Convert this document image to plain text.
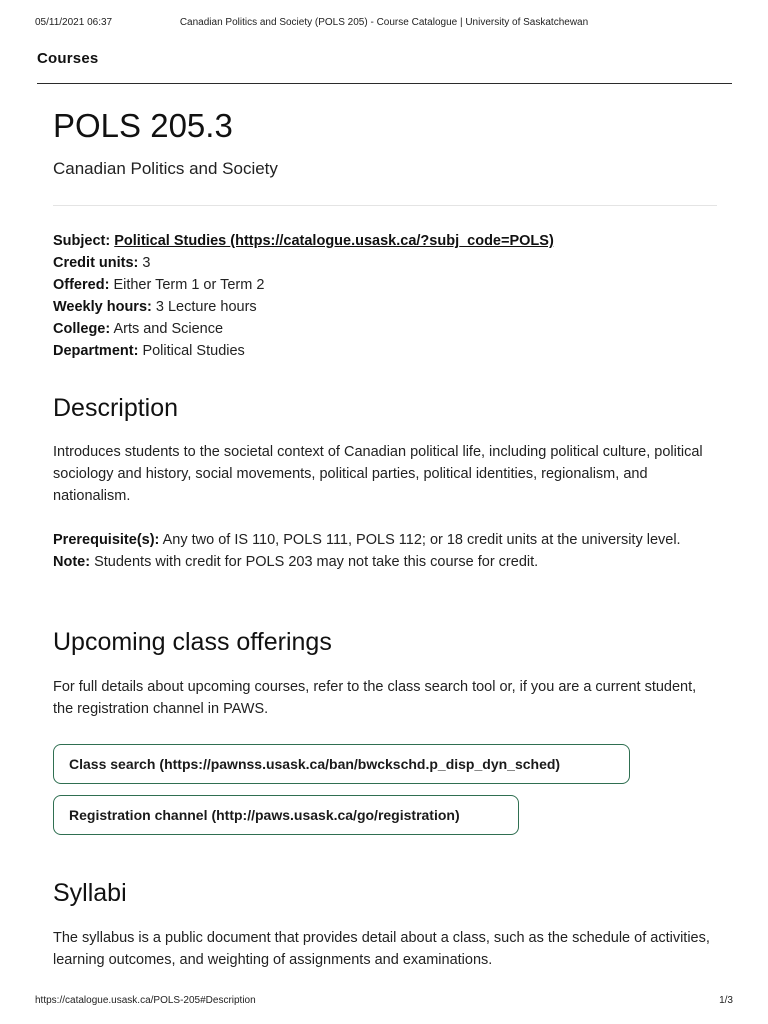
05/11/2021 06:37	Canadian Politics and Society (POLS 205) - Course Catalogue | University of Saskatchewan
Courses
POLS 205.3
Canadian Politics and Society
Subject: Political Studies (https://catalogue.usask.ca/?subj_code=POLS)
Credit units: 3
Offered: Either Term 1 or Term 2
Weekly hours: 3 Lecture hours
College: Arts and Science
Department: Political Studies
Description

Introduces students to the societal context of Canadian political life, including political culture, political sociology and history, social movements, political parties, political identities, regionalism, and nationalism.

Prerequisite(s): Any two of IS 110, POLS 111, POLS 112; or 18 credit units at the university level.
Note: Students with credit for POLS 203 may not take this course for credit.

Upcoming class offerings

For full details about upcoming courses, refer to the class search tool or, if you are a current student, the registration channel in PAWS.

Class search (https://pawnss.usask.ca/ban/bwckschd.p_disp_dyn_sched)
Registration channel (http://paws.usask.ca/go/registration)
Syllabi

The syllabus is a public document that provides detail about a class, such as the schedule of activities, learning outcomes, and weighting of assignments and examinations.

https://catalogue.usask.ca/POLS-205#Description	1/3
